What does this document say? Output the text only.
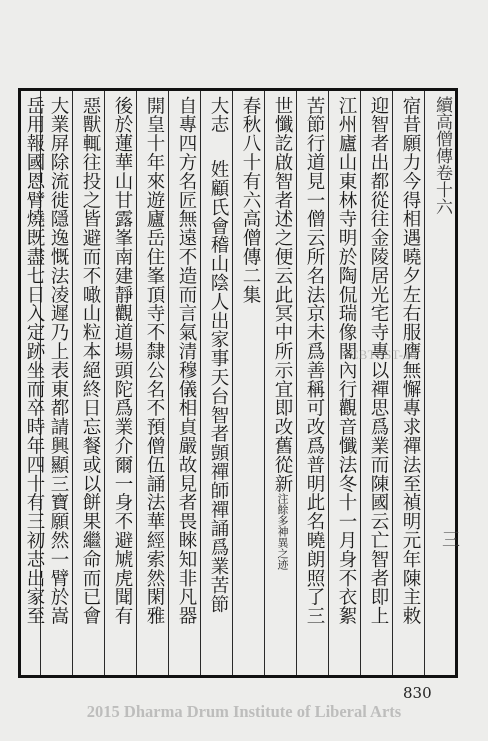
續高僧傳卷十六
宿昔願力今得相遇曉夕左右服膺無懈專求禪法至禎明元年陳主敕
迎智者出都從往金陵居光宅寺專以禪思爲業而陳國云亡智者即上
江州廬山東林寺明於陶侃瑞像閣內行觀音懺法冬十一月身不衣絮
苦節行道見一僧云所名法京未爲善稱可改爲普明此名曉朗照了三
世懺訖啟智者述之便云此冥中所示宜即改舊從新注餘多神異之迹
春秋八十有六高僧傳二集
大志姓顧氏會稽山陰人出家事天台智者顗禪師禪誦爲業苦節
自專四方名匠無遠不造而言氣清穆儀相貞嚴故見者畏睞知非凡器
開皇十年來遊廬岳住峯頂寺不隸公名不預僧伍誦法華經索然閑雅
後於蓮華山甘露峯南建靜觀道場頭陀爲業介爾一身不避虓虎聞有
惡獸輒往投之皆避而不噉山粒本絕終日忘餐或以餅果繼命而已會
大業屏除流徙隱逸慨法凌遲乃上表東都請興顯三寶願然一臂於嵩
岳用報國恩臂燒既盡七日入定跡坐而卒時年四十有三初志出家至	三
NCBTEST-16
830
2015 Dharma Drum Institute of Liberal Arts
